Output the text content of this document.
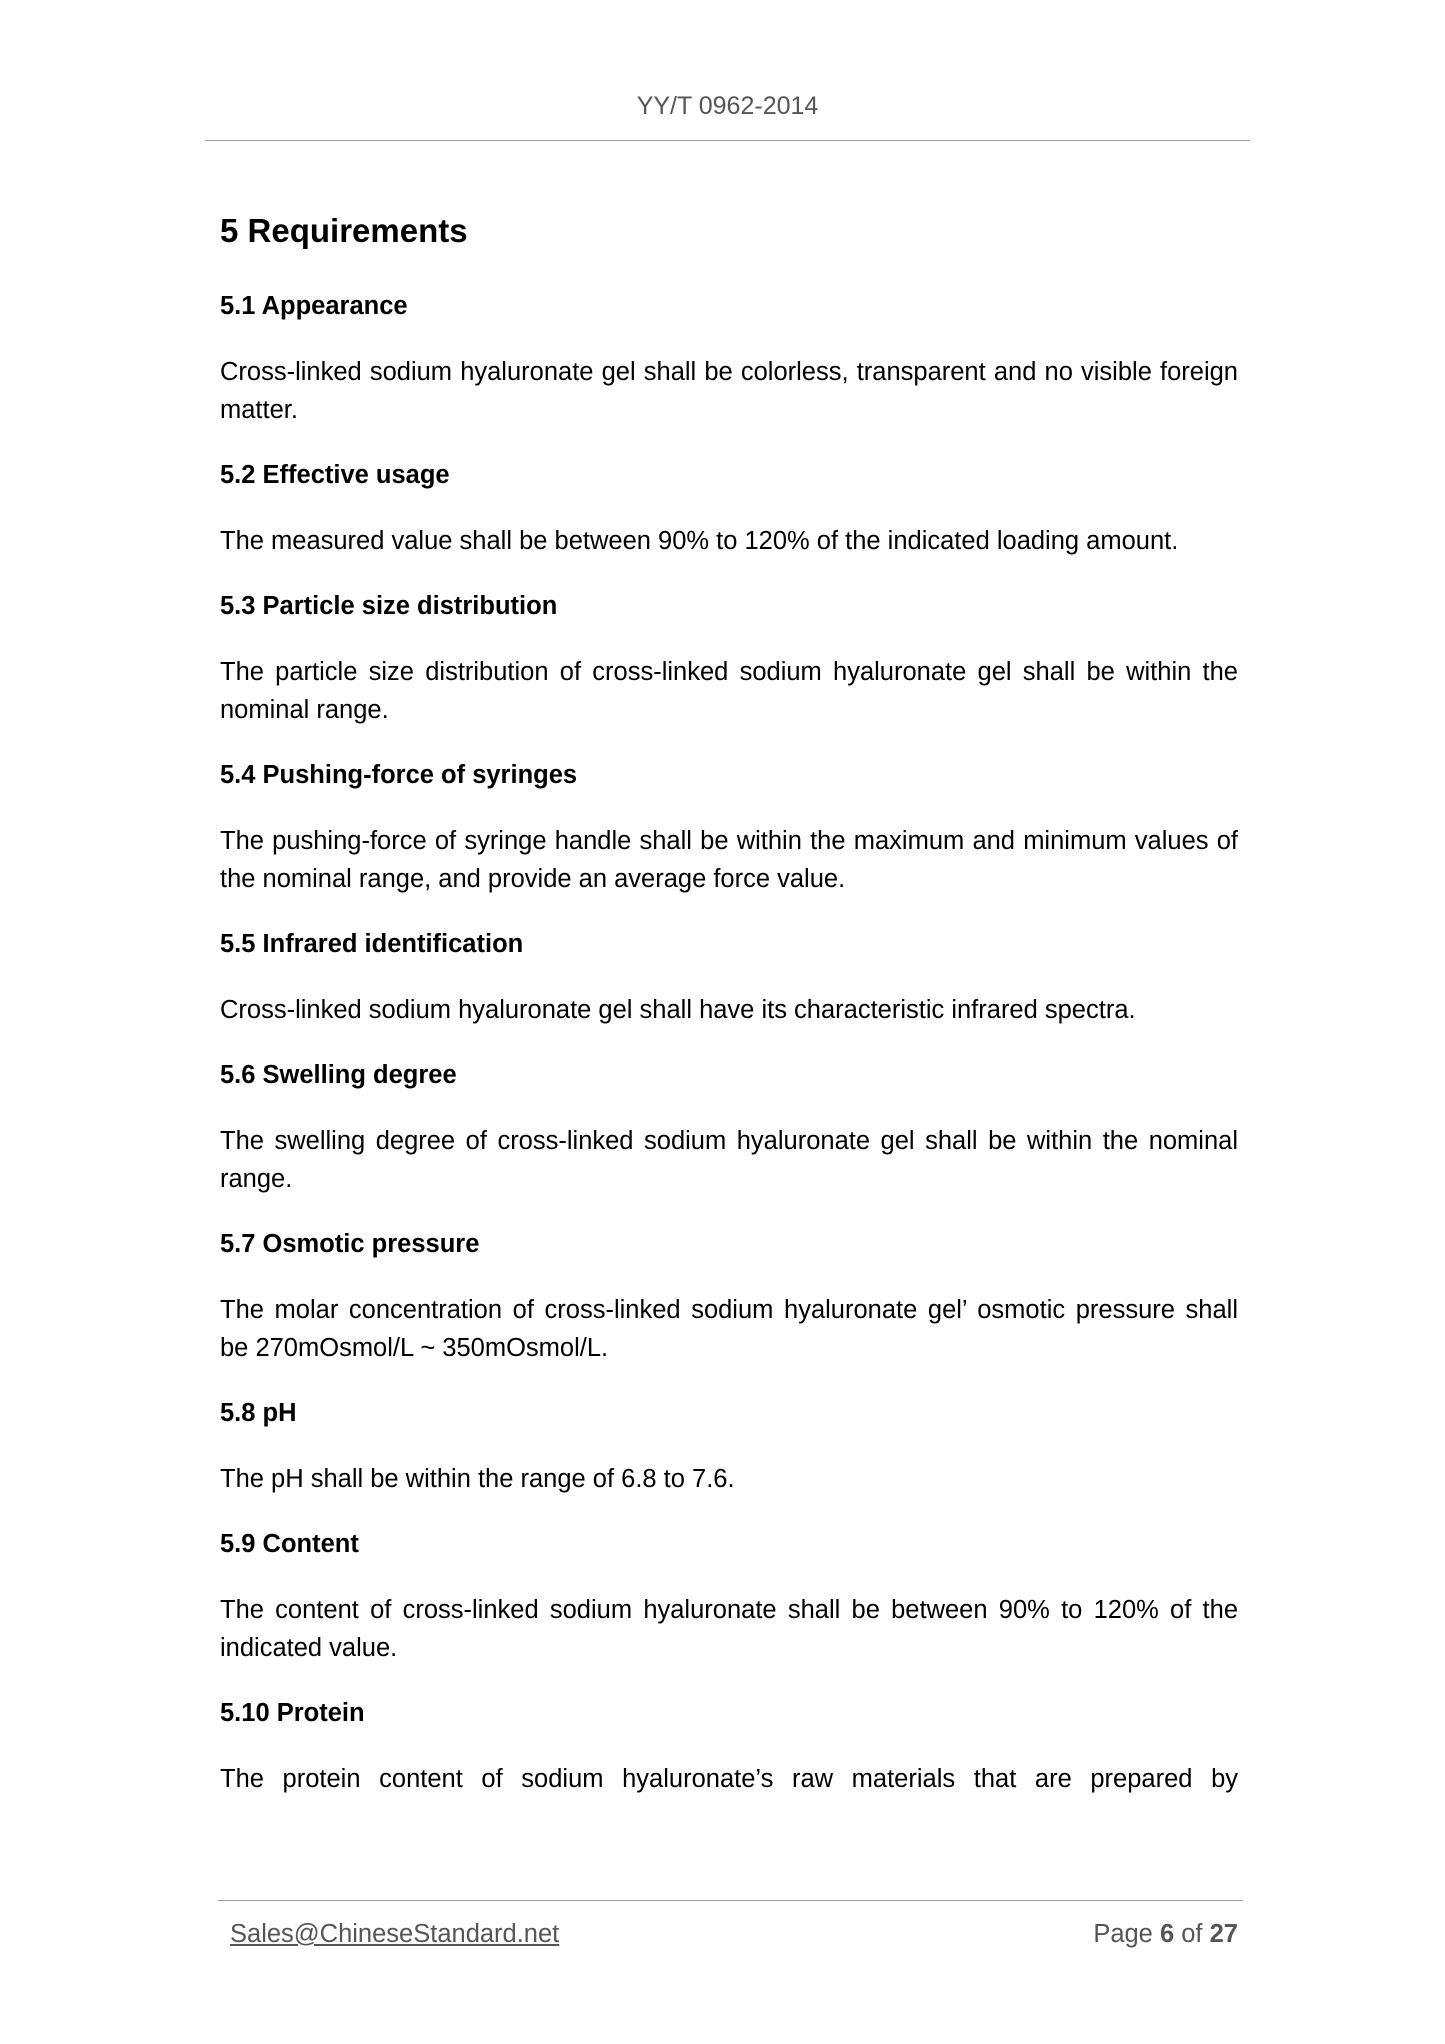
YY/T 0962-2014
5 Requirements
5.1 Appearance

Cross-linked sodium hyaluronate gel shall be colorless, transparent and no visible foreign matter.

5.2 Effective usage

The measured value shall be between 90% to 120% of the indicated loading amount.

5.3 Particle size distribution

The particle size distribution of cross-linked sodium hyaluronate gel shall be within the nominal range.

5.4 Pushing-force of syringes

The pushing-force of syringe handle shall be within the maximum and minimum values of the nominal range, and provide an average force value.

5.5 Infrared identification

Cross-linked sodium hyaluronate gel shall have its characteristic infrared spectra.

5.6 Swelling degree

The swelling degree of cross-linked sodium hyaluronate gel shall be within the nominal range.

5.7 Osmotic pressure

The molar concentration of cross-linked sodium hyaluronate gel’ osmotic pressure shall be 270mOsmol/L ~ 350mOsmol/L.

5.8 pH

The pH shall be within the range of 6.8 to 7.6.

5.9 Content

The content of cross-linked sodium hyaluronate shall be between 90% to 120% of the indicated value.

5.10 Protein

The protein content of sodium hyaluronate’s raw materials that are prepared by

Sales@ChineseStandard.net	Page 6 of 27
